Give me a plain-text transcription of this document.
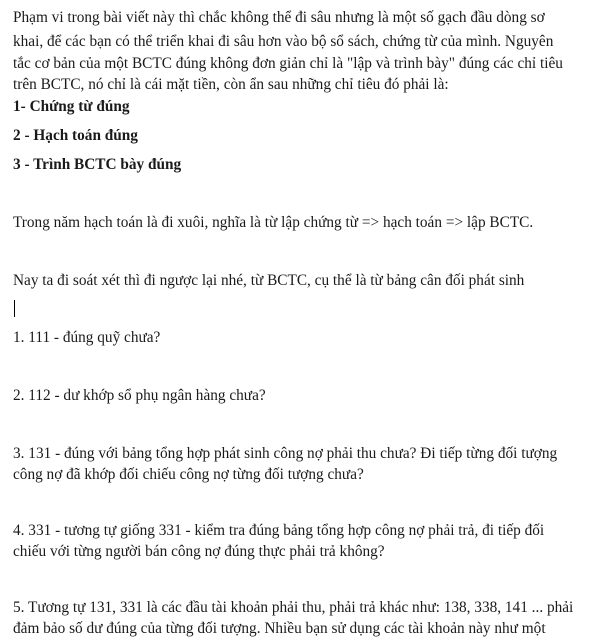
Phạm vi trong bài viết này thì chắc không thể đi sâu nhưng là một số gạch đầu dòng sơ

khai, để các bạn có thể triển khai đi sâu hơn vào bộ sổ sách, chứng từ của mình. Nguyên

tắc cơ bản của một BCTC đúng không đơn giản chỉ là "lập và trình bày" đúng các chỉ tiêu

trên BCTC, nó chỉ là cái mặt tiền, còn ẩn sau những chỉ tiêu đó phải là:

1- Chứng từ đúng

2 - Hạch toán đúng

3 - Trình BCTC bày đúng

Trong năm hạch toán là đi xuôi, nghĩa là từ lập chứng từ => hạch toán => lập BCTC.

Nay ta đi soát xét thì đi ngược lại nhé, từ BCTC, cụ thể là từ bảng cân đối phát sinh

1. 111 - đúng quỹ chưa?

2. 112 - dư khớp sổ phụ ngân hàng chưa?

3. 131 - đúng với bảng tổng hợp phát sinh công nợ phải thu chưa? Đi tiếp từng đối tượng

công nợ đã khớp đối chiếu công nợ từng đối tượng chưa?

4. 331 - tương tự giống 331 - kiểm tra đúng bảng tổng hợp công nợ phải trả, đi tiếp đối

chiếu với từng người bán công nợ đúng thực phải trả không?

5. Tương tự 131, 331 là các đầu tài khoản phải thu, phải trả khác như: 138, 338, 141 ... phải

đảm bảo số dư đúng của từng đối tượng. Nhiều bạn sử dụng các tài khoản này như một
